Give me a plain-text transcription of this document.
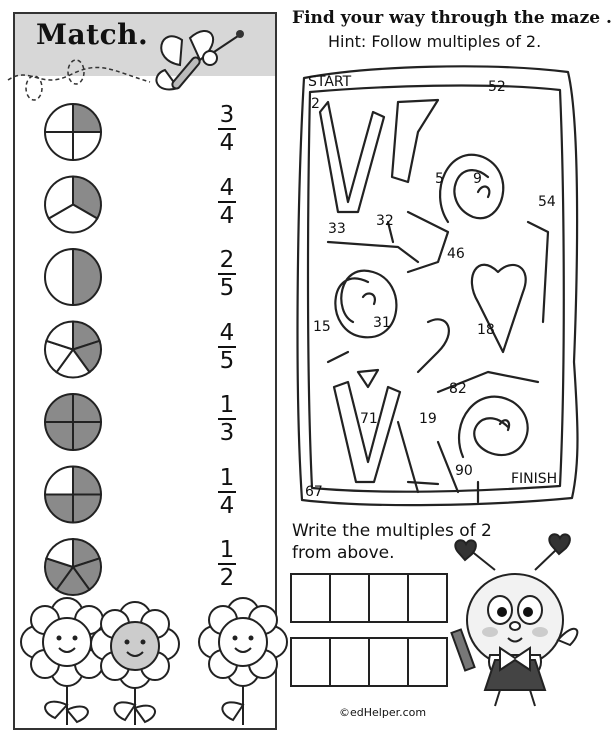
Match.
3
4
4
4
2
5
4
5
1
3
1
4
1
2
Find your way through the maze .
Hint: Follow multiples of 2.
START
2
52
5 9
54
33 32
46
15	31	18
82
71	19
90	FINISH
67
Write the multiples of 2 from above.
©edHelper.com
